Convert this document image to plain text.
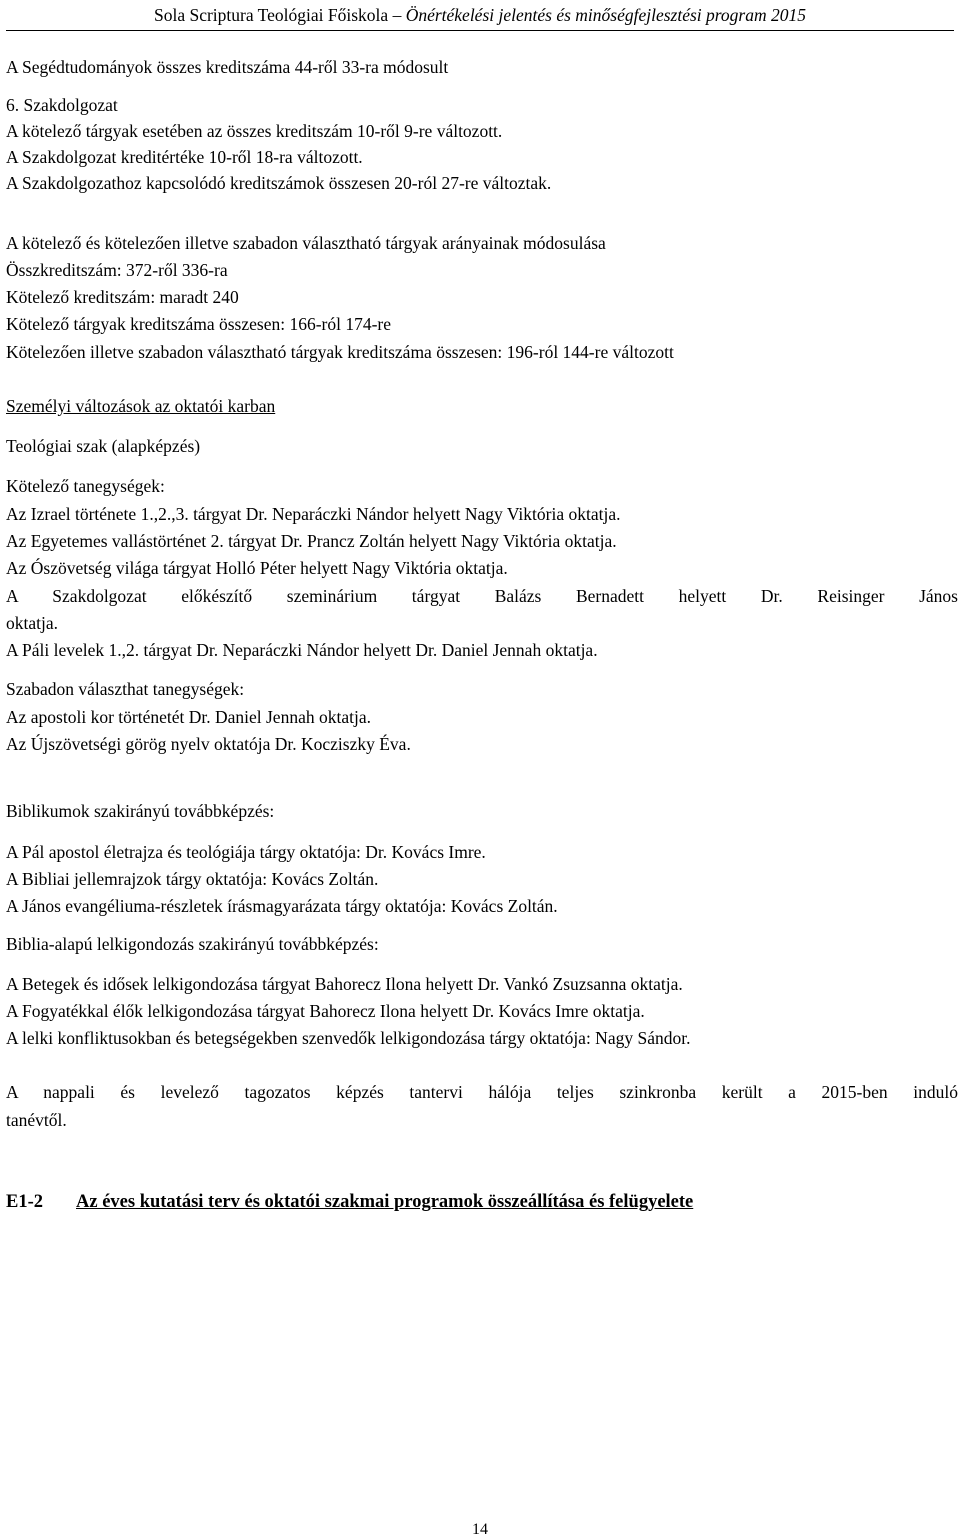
Sola Scriptura Teológiai Főiskola – Önértékelési jelentés és minőségfejlesztési program 2015
A Segédtudományok összes kreditszáma 44-ről 33-ra módosult
6. Szakdolgozat
A kötelező tárgyak esetében az összes kreditszám 10-ről 9-re változott.
A Szakdolgozat kreditértéke 10-ről 18-ra változott.
A Szakdolgozathoz kapcsolódó kreditszámok összesen 20-ról 27-re változtak.
A kötelező és kötelezően illetve szabadon választható tárgyak arányainak módosulása
Összkreditszám: 372-ről 336-ra
Kötelező kreditszám: maradt 240
Kötelező tárgyak kreditszáma összesen: 166-ról 174-re
Kötelezően illetve szabadon választható tárgyak kreditszáma összesen: 196-ról 144-re változott
Személyi változások az oktatói karban
Teológiai szak (alapképzés)
Kötelező tanegységek:
Az Izrael története 1.,2.,3. tárgyat Dr. Neparáczki Nándor helyett Nagy Viktória oktatja.
Az Egyetemes vallástörténet 2. tárgyat Dr. Prancz Zoltán helyett Nagy Viktória oktatja.
Az Ószövetség világa tárgyat Holló Péter helyett Nagy Viktória oktatja.
A Szakdolgozat előkészítő szeminárium tárgyat Balázs Bernadett helyett Dr. Reisinger János
oktatja.
A Páli levelek 1.,2. tárgyat Dr. Neparáczki Nándor helyett Dr. Daniel Jennah oktatja.
Szabadon választhat tanegységek:
Az apostoli kor történetét Dr. Daniel Jennah oktatja.
Az Újszövetségi görög nyelv oktatója Dr. Kocziszky Éva.
Biblikumok szakirányú továbbképzés:
A Pál apostol életrajza és teológiája tárgy oktatója: Dr. Kovács Imre.
A Bibliai jellemrajzok tárgy oktatója: Kovács Zoltán.
A János evangéliuma-részletek írásmagyarázata tárgy oktatója: Kovács Zoltán.
Biblia-alapú lelkigondozás szakirányú továbbképzés:
A Betegek és idősek lelkigondozása tárgyat Bahorecz Ilona helyett Dr. Vankó Zsuzsanna oktatja.
A Fogyatékkal élők lelkigondozása tárgyat Bahorecz Ilona helyett Dr. Kovács Imre oktatja.
A lelki konfliktusokban és betegségekben szenvedők lelkigondozása tárgy oktatója: Nagy Sándor.
A nappali és levelező tagozatos képzés tantervi hálója teljes szinkronba került a 2015-ben induló
tanévtől.
E1-2 Az éves kutatási terv és oktatói szakmai programok összeállítása és felügyelete
14
